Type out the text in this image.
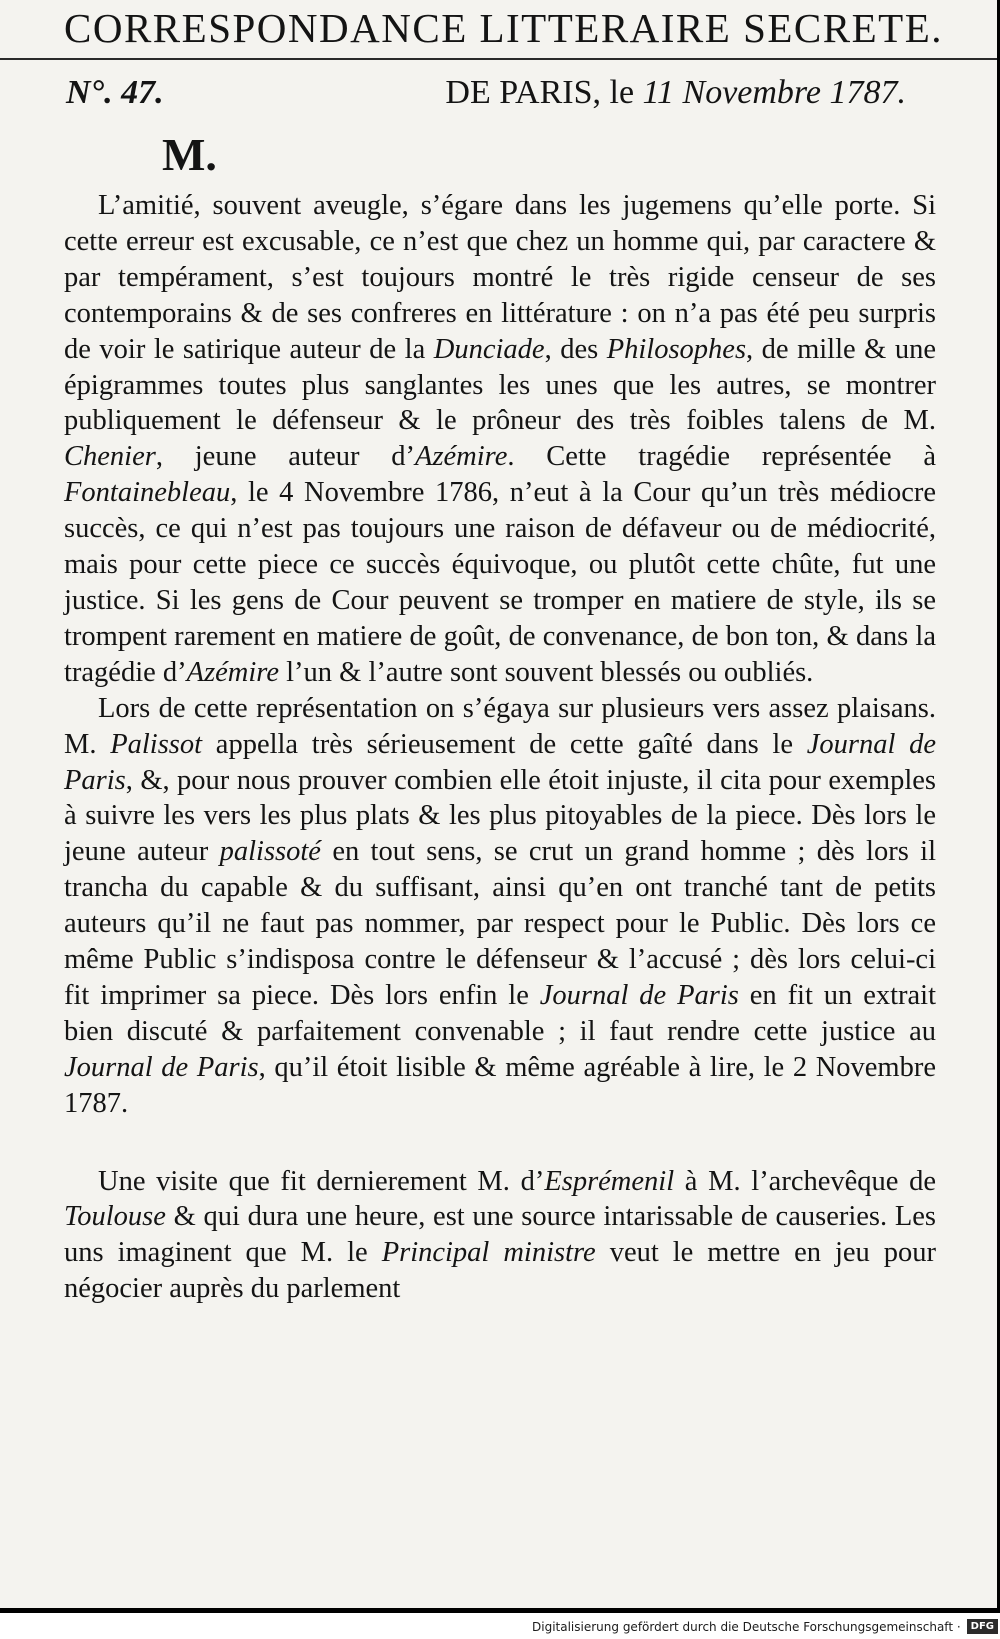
CORRESPONDANCE LITTERAIRE SECRETE.
N°. 47.	DE PARIS, le 11 Novembre 1787.
M.

L’amitié, souvent aveugle, s’égare dans les jugemens qu’elle porte. Si cette erreur est excusable, ce n’est que chez un homme qui, par caractere & par tempérament, s’est toujours montré le très rigide censeur de ses contemporains & de ses confreres en littérature : on n’a pas été peu surpris de voir le satirique auteur de la Dunciade, des Philosophes, de mille & une épigrammes toutes plus sanglantes les unes que les autres, se montrer publiquement le défenseur & le prôneur des très foibles talens de M. Chenier, jeune auteur d’Azémire. Cette tragédie représentée à Fontainebleau, le 4 Novembre 1786, n’eut à la Cour qu’un très médiocre succès, ce qui n’est pas toujours une raison de défaveur ou de médiocrité, mais pour cette piece ce succès équivoque, ou plutôt cette chûte, fut une justice. Si les gens de Cour peuvent se tromper en matiere de style, ils se trompent rarement en matiere de goût, de convenance, de bon ton, & dans la tragédie d’Azémire l’un & l’autre sont souvent blessés ou oubliés.

Lors de cette représentation on s’égaya sur plusieurs vers assez plaisans. M. Palissot appella très sérieusement de cette gaîté dans le Journal de Paris, &, pour nous prouver combien elle étoit injuste, il cita pour exemples à suivre les vers les plus plats & les plus pitoyables de la piece. Dès lors le jeune auteur palissoté en tout sens, se crut un grand homme ; dès lors il trancha du capable & du suffisant, ainsi qu’en ont tranché tant de petits auteurs qu’il ne faut pas nommer, par respect pour le Public. Dès lors ce même Public s’indisposa contre le défenseur & l’accusé ; dès lors celui-ci fit imprimer sa piece. Dès lors enfin le Journal de Paris en fit un extrait bien discuté & parfaitement convenable ; il faut rendre cette justice au Journal de Paris, qu’il étoit lisible & même agréable à lire, le 2 Novembre 1787.

Une visite que fit dernierement M. d’Esprémenil à M. l’archevêque de Toulouse & qui dura une heure, est une source intarissable de causeries. Les uns imaginent que M. le Principal ministre veut le mettre en jeu pour négocier auprès du parlement

Digitalisierung gefördert durch die Deutsche Forschungsgemeinschaft ·	DFG
